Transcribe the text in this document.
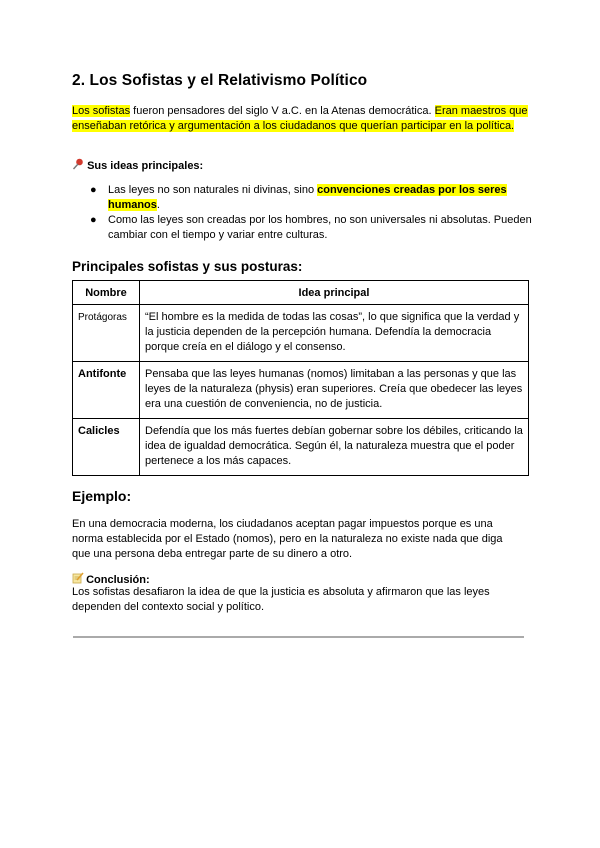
2. Los Sofistas y el Relativismo Político
Los sofistas fueron pensadores del siglo V a.C. en la Atenas democrática. Eran maestros que enseñaban retórica y argumentación a los ciudadanos que querían participar en la política.
Sus ideas principales:
● Las leyes no son naturales ni divinas, sino convenciones creadas por los seres humanos.
● Como las leyes son creadas por los hombres, no son universales ni absolutas. Pueden cambiar con el tiempo y variar entre culturas.
Principales sofistas y sus posturas:
Nombre	Idea principal
Protágoras	“El hombre es la medida de todas las cosas”, lo que significa que la verdad y la justicia dependen de la percepción humana. Defendía la democracia porque creía en el diálogo y el consenso.
Antifonte	Pensaba que las leyes humanas (nomos) limitaban a las personas y que las leyes de la naturaleza (physis) eran superiores. Creía que obedecer las leyes era una cuestión de conveniencia, no de justicia.
Calicles	Defendía que los más fuertes debían gobernar sobre los débiles, criticando la idea de igualdad democrática. Según él, la naturaleza muestra que el poder pertenece a los más capaces.
Ejemplo:
En una democracia moderna, los ciudadanos aceptan pagar impuestos porque es una norma establecida por el Estado (nomos), pero en la naturaleza no existe nada que diga que una persona deba entregar parte de su dinero a otro.
Conclusión:
Los sofistas desafiaron la idea de que la justicia es absoluta y afirmaron que las leyes dependen del contexto social y político.
